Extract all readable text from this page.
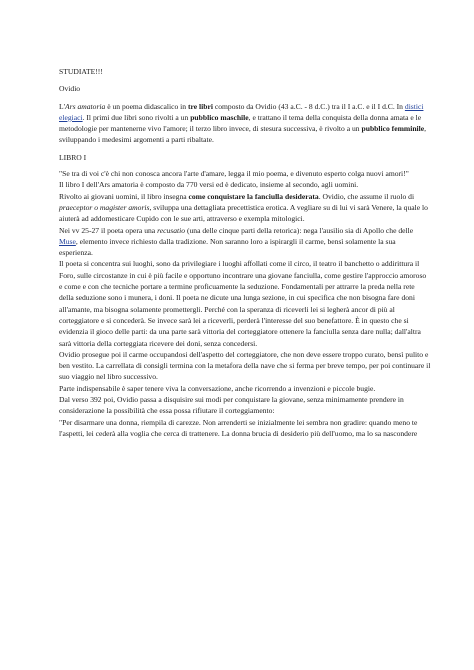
STUDIATE!!!

Ovidio

L'Ars amatoria è un poema didascalico in tre libri composto da Ovidio (43 a.C. - 8 d.C.) tra il I a.C. e il I d.C. In distici elegiaci. Il primi due libri sono rivolti a un pubblico maschile, e trattano il tema della conquista della donna amata e le metodologie per mantenerne vivo l'amore; il terzo libro invece, di stesura successiva, è rivolto a un pubblico femminile, sviluppando i medesimi argomenti a parti ribaltate.

LIBRO I

"Se tra di voi c'è chi non conosca ancora l'arte d'amare, legga il mio poema, e divenuto esperto colga nuovi amori!"

Il libro I dell'Ars amatoria è composto da 770 versi ed è dedicato, insieme al secondo, agli uomini.

Rivolto ai giovani uomini, il libro insegna come conquistare la fanciulla desiderata. Ovidio, che assume il ruolo di praeceptor o magister amoris, sviluppa una dettagliata precettistica erotica. A vegliare su di lui vi sarà Venere, la quale lo aiuterà ad addomesticare Cupido con le sue arti, attraverso e exempla mitologici.

Nei vv 25-27 il poeta opera una recusatio (una delle cinque parti della retorica): nega l'ausilio sia di Apollo che delle Muse, elemento invece richiesto dalla tradizione. Non saranno loro a ispirargli il carme, bensì solamente la sua esperienza.

Il poeta si concentra sui luoghi, sono da privilegiare i luoghi affollati come il circo, il teatro il banchetto o addirittura il Foro, sulle circostanze in cui è più facile e opportuno incontrare una giovane fanciulla, come gestire l'approccio amoroso e come e con che tecniche portare a termine proficuamente la seduzione. Fondamentali per attrarre la preda nella rete della seduzione sono i munera, i doni. Il poeta ne dicute una lunga sezione, in cui specifica che non bisogna fare doni all'amante, ma bisogna solamente promettergli. Perché con la speranza di riceverli lei si legherà ancor di più al corteggiatore e si concederà. Se invece sarà lei a riceverli, perderà l'interesse del suo benefattore. È in questo che si evidenzia il gioco delle parti: da una parte sarà vittoria del corteggiatore ottenere la fanciulla senza dare nulla; dall'altra sarà vittoria della corteggiata ricevere dei doni, senza concedersi.

Ovidio prosegue poi il carme occupandosi dell'aspetto del corteggiatore, che non deve essere troppo curato, bensì pulito e ben vestito. La carrellata di consigli termina con la metafora della nave che si ferma per breve tempo, per poi continuare il suo viaggio nel libro successivo.

Parte indispensabile è saper tenere viva la conversazione, anche ricorrendo a invenzioni e piccole bugie.

Dal verso 392 poi, Ovidio passa a disquisire sui modi per conquistare la giovane, senza minimamente prendere in considerazione la possibilità che essa possa rifiutare il corteggiamento:

"Per disarmare una donna, riempila di carezze. Non arrenderti se inizialmente lei sembra non gradire: quando meno te l'aspetti, lei cederà alla voglia che cerca di trattenere. La donna brucia di desiderio più dell'uomo, ma lo sa nascondere
